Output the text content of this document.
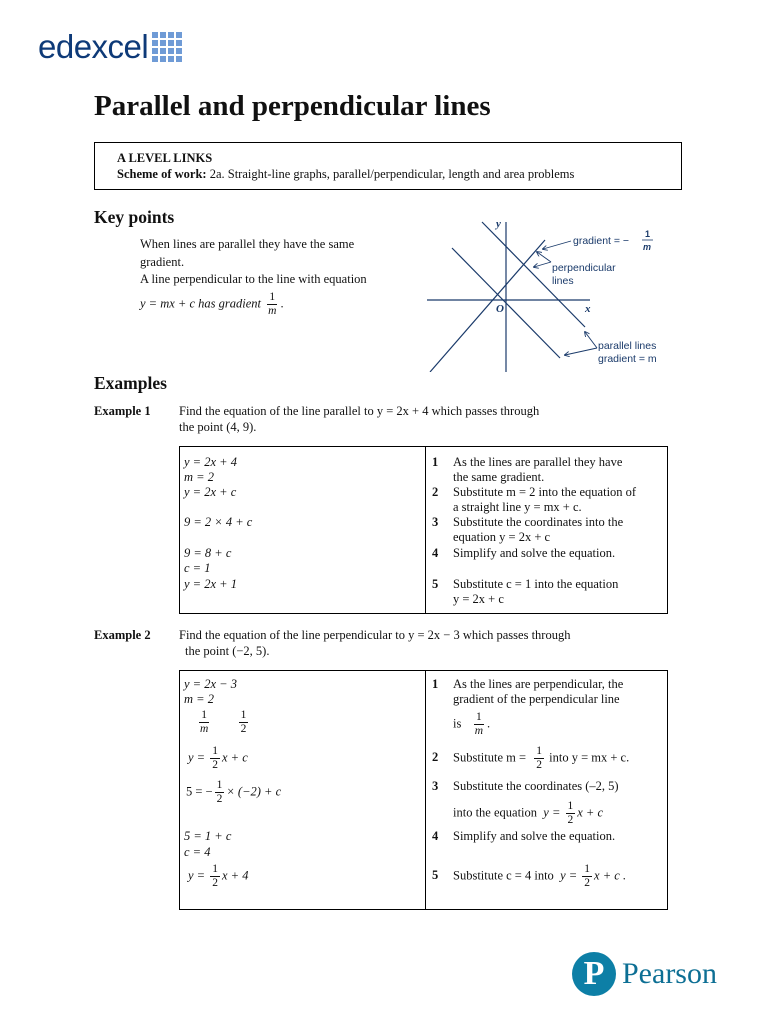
edexcel
Parallel and perpendicular lines
A LEVEL LINKS
Scheme of work: 2a. Straight-line graphs, parallel/perpendicular, length and area problems
Key points
When lines are parallel they have the same
gradient.
A line perpendicular to the line with equation
y = mx + c has gradient $\frac{1}{m}$ .
y
x
O
gradient = −
1
m
perpendicular
lines
parallel lines
gradient = m
Examples
Example 1 Find the equation of the line parallel to y = 2x + 4 which passes through
the point (4, 9).
y = 2x + 4
m = 2
y = 2x + c
9 = 2 × 4 + c
9 = 8 + c
c = 1
y = 2x + 1
1 As the lines are parallel they have
the same gradient.
2 Substitute m = 2 into the equation of
a straight line y = mx + c.
3 Substitute the coordinates into the
equation y = 2x + c
4 Simplify and solve the equation.
5 Substitute c = 1 into the equation
y = 2x + c
Example 2 Find the equation of the line perpendicular to y = 2x − 3 which passes through
the point (−2, 5).
y = 2x − 3
m = 2
$\frac{1}{m}$
$\frac{1}{2}$
$y = \frac{1}{2}$ x + c
5 = − $\frac{1}{2} \times (-2) + c$
5 = 1 + c
c = 4
$y = \frac{1}{2}$ x + 4
1 As the lines are perpendicular, the
gradient of the perpendicular line
is $\frac{1}{m}$ .
2 Substitute $m = \frac{1}{2}$ into y = mx + c.
3 Substitute the coordinates (–2, 5)
into the equation $y = \frac{1}{2}$ x + c
4 Simplify and solve the equation.
5 Substitute c = 4 into $y = \frac{1}{2}$ x + c .
P Pearson
